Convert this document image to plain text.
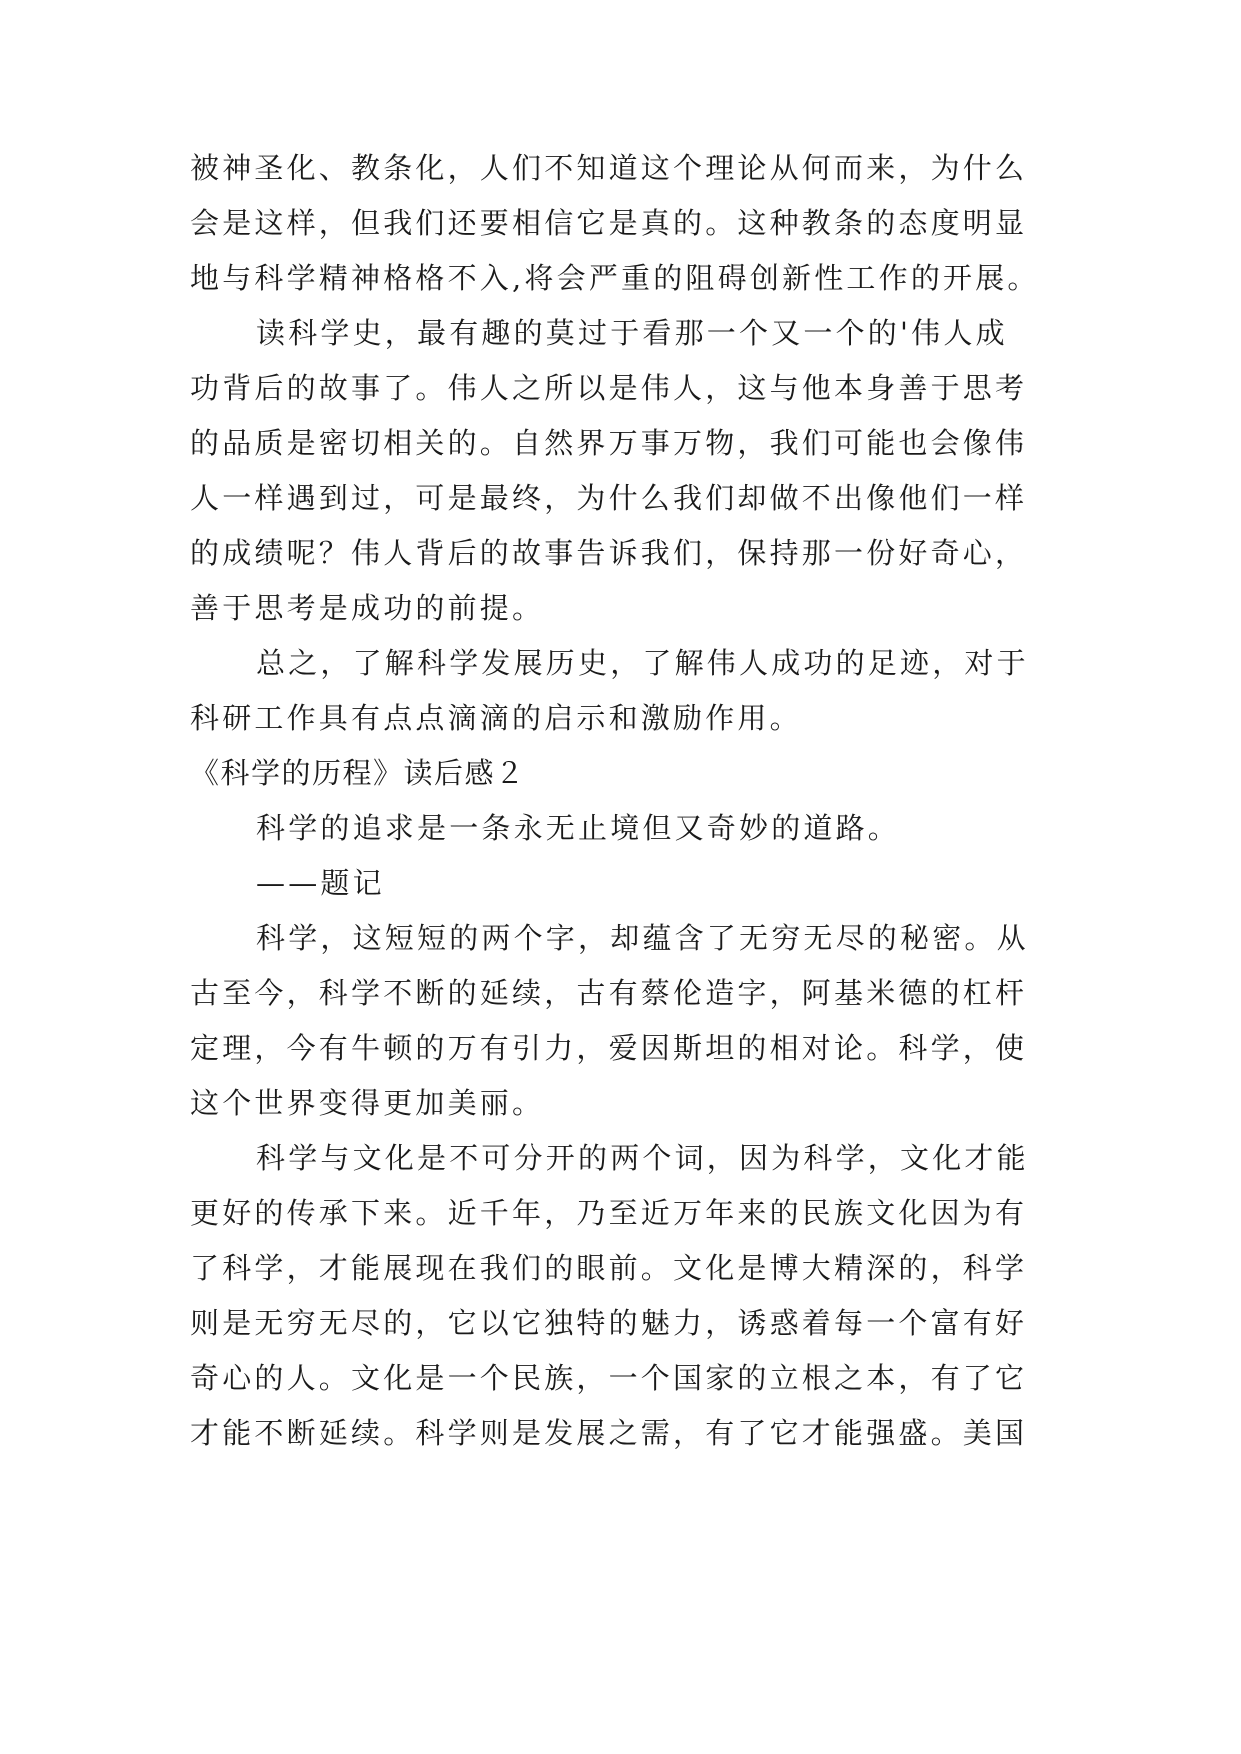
被神圣化、教条化，人们不知道这个理论从何而来，为什么
会是这样，但我们还要相信它是真的。这种教条的态度明显
地与科学精神格格不入,将会严重的阻碍创新性工作的开展。
读科学史，最有趣的莫过于看那一个又一个的'伟人成
功背后的故事了。伟人之所以是伟人，这与他本身善于思考
的品质是密切相关的。自然界万事万物，我们可能也会像伟
人一样遇到过，可是最终，为什么我们却做不出像他们一样
的成绩呢？伟人背后的故事告诉我们，保持那一份好奇心，
善于思考是成功的前提。
总之，了解科学发展历史，了解伟人成功的足迹，对于
科研工作具有点点滴滴的启示和激励作用。
《科学的历程》读后感２
科学的追求是一条永无止境但又奇妙的道路。
——题记
科学，这短短的两个字，却蕴含了无穷无尽的秘密。从
古至今，科学不断的延续，古有蔡伦造字，阿基米德的杠杆
定理，今有牛顿的万有引力，爱因斯坦的相对论。科学，使
这个世界变得更加美丽。
科学与文化是不可分开的两个词，因为科学，文化才能
更好的传承下来。近千年，乃至近万年来的民族文化因为有
了科学，才能展现在我们的眼前。文化是博大精深的，科学
则是无穷无尽的，它以它独特的魅力，诱惑着每一个富有好
奇心的人。文化是一个民族，一个国家的立根之本，有了它
才能不断延续。科学则是发展之需，有了它才能强盛。美国
